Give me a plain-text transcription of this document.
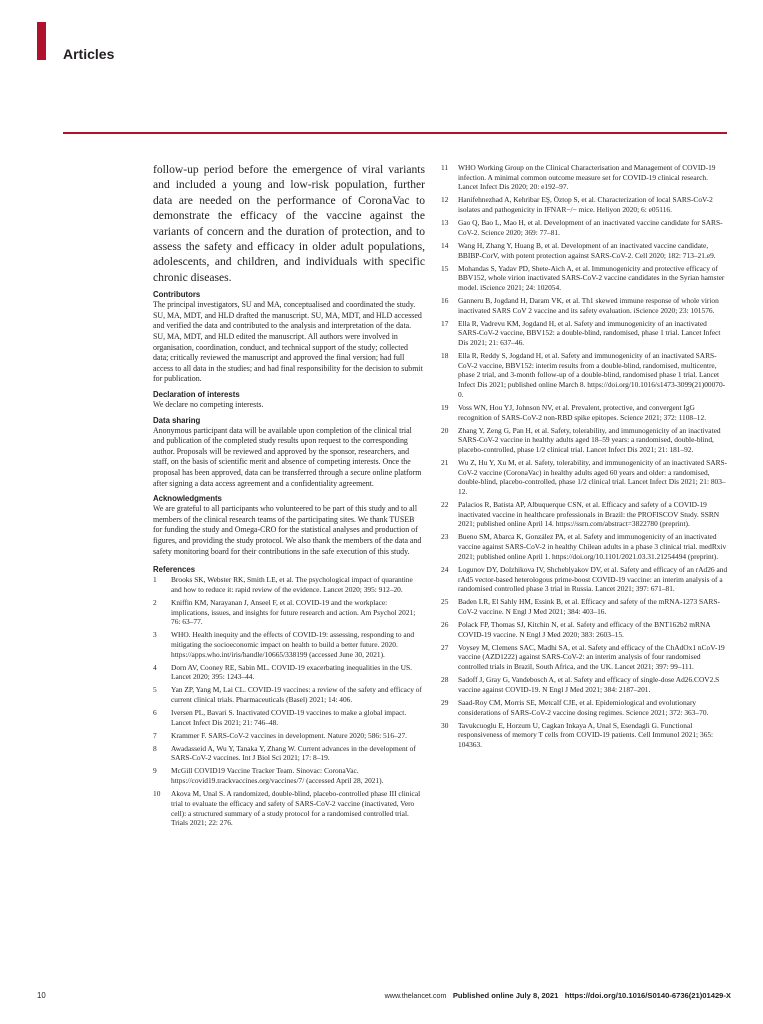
Articles

follow-up period before the emergence of viral variants and included a young and low-risk population, further data are needed on the performance of CoronaVac to demonstrate the efficacy of the vaccine against the variants of concern and the duration of protection, and to assess the safety and efficacy in older adult populations, adolescents, and children, and individuals with specific chronic diseases.

Contributors

The principal investigators, SU and MA, conceptualised and coordinated the study. SU, MA, MDT, and HLD drafted the manuscript. SU, MA, MDT, and HLD accessed and verified the data and contributed to the analysis and interpretation of the data. SU, MA, MDT, and HLD edited the manuscript. All authors were involved in organisation, coordination, conduct, and technical support of the study; collected data; critically reviewed the manuscript and approved the final version; had full access to all data in the studies; and had final responsibility for the decision to submit for publication.

Declaration of interests

We declare no competing interests.

Data sharing

Anonymous participant data will be available upon completion of the clinical trial and publication of the completed study results upon request to the corresponding author. Proposals will be reviewed and approved by the sponsor, researchers, and staff, on the basis of scientific merit and absence of competing interests. Once the proposal has been approved, data can be transferred through a secure online platform after signing a data access agreement and a confidentiality agreement.

Acknowledgments

We are grateful to all participants who volunteered to be part of this study and to all members of the clinical research teams of the participating sites. We thank TUSEB for funding the study and Omega-CRO for the statistical analyses and production of figures, and providing the study protocol. We also thank the members of the data and safety monitoring board for their contributions in the safe execution of this study.

References
1	Brooks SK, Webster RK, Smith LE, et al. The psychological impact of quarantine and how to reduce it: rapid review of the evidence. Lancet 2020; 395: 912–20.
2	Kniffin KM, Narayanan J, Anseel F, et al. COVID-19 and the workplace: implications, issues, and insights for future research and action. Am Psychol 2021; 76: 63–77.
3	WHO. Health inequity and the effects of COVID-19: assessing, responding to and mitigating the socioeconomic impact on health to build a better future. 2020. https://apps.who.int/iris/handle/10665/338199 (accessed June 30, 2021).
4	Dorn AV, Cooney RE, Sabin ML. COVID-19 exacerbating inequalities in the US. Lancet 2020; 395: 1243–44.
5	Yan ZP, Yang M, Lai CL. COVID-19 vaccines: a review of the safety and efficacy of current clinical trials. Pharmaceuticals (Basel) 2021; 14: 406.
6	Iversen PL, Bavari S. Inactivated COVID-19 vaccines to make a global impact. Lancet Infect Dis 2021; 21: 746–48.
7	Krammer F. SARS-CoV-2 vaccines in development. Nature 2020; 586: 516–27.
8	Awadasseid A, Wu Y, Tanaka Y, Zhang W. Current advances in the development of SARS-CoV-2 vaccines. Int J Biol Sci 2021; 17: 8–19.
9	McGill COVID19 Vaccine Tracker Team. Sinovac: CoronaVac. https://covid19.trackvaccines.org/vaccines/7/ (accessed April 28, 2021).
10	Akova M, Unal S. A randomized, double-blind, placebo-controlled phase III clinical trial to evaluate the efficacy and safety of SARS-CoV-2 vaccine (inactivated, Vero cell): a structured summary of a study protocol for a randomised controlled trial. Trials 2021; 22: 276.
11	WHO Working Group on the Clinical Characterisation and Management of COVID-19 infection. A minimal common outcome measure set for COVID-19 clinical research. Lancet Infect Dis 2020; 20: e192–97.
12	Hanifehnezhad A, Kehribar EŞ, Öztop S, et al. Characterization of local SARS-CoV-2 isolates and pathogenicity in IFNAR−/− mice. Heliyon 2020; 6: e05116.
13	Gao Q, Bao L, Mao H, et al. Development of an inactivated vaccine candidate for SARS-CoV-2. Science 2020; 369: 77–81.
14	Wang H, Zhang Y, Huang B, et al. Development of an inactivated vaccine candidate, BBIBP-CorV, with potent protection against SARS-CoV-2. Cell 2020; 182: 713–21.e9.
15	Mohandas S, Yadav PD, Shete-Aich A, et al. Immunogenicity and protective efficacy of BBV152, whole virion inactivated SARS-CoV-2 vaccine candidates in the Syrian hamster model. iScience 2021; 24: 102054.
16	Ganneru B, Jogdand H, Daram VK, et al. Th1 skewed immune response of whole virion inactivated SARS CoV 2 vaccine and its safety evaluation. iScience 2020; 23: 101576.
17	Ella R, Vadrevu KM, Jogdand H, et al. Safety and immunogenicity of an inactivated SARS-CoV-2 vaccine, BBV152: a double-blind, randomised, phase 1 trial. Lancet Infect Dis 2021; 21: 637–46.
18	Ella R, Reddy S, Jogdand H, et al. Safety and immunogenicity of an inactivated SARS-CoV-2 vaccine, BBV152: interim results from a double-blind, randomised, multicentre, phase 2 trial, and 3-month follow-up of a double-blind, randomised phase 1 trial. Lancet Infect Dis 2021; published online March 8. https://doi.org/10.1016/s1473-3099(21)00070-0.
19	Voss WN, Hou YJ, Johnson NV, et al. Prevalent, protective, and convergent IgG recognition of SARS-CoV-2 non-RBD spike epitopes. Science 2021; 372: 1108–12.
20	Zhang Y, Zeng G, Pan H, et al. Safety, tolerability, and immunogenicity of an inactivated SARS-CoV-2 vaccine in healthy adults aged 18–59 years: a randomised, double-blind, placebo-controlled, phase 1/2 clinical trial. Lancet Infect Dis 2021; 21: 181–92.
21	Wu Z, Hu Y, Xu M, et al. Safety, tolerability, and immunogenicity of an inactivated SARS-CoV-2 vaccine (CoronaVac) in healthy adults aged 60 years and older: a randomised, double-blind, placebo-controlled, phase 1/2 clinical trial. Lancet Infect Dis 2021; 21: 803–12.
22	Palacios R, Batista AP, Albuquerque CSN, et al. Efficacy and safety of a COVID-19 inactivated vaccine in healthcare professionals in Brazil: the PROFISCOV Study. SSRN 2021; published online April 14. https://ssrn.com/abstract=3822780 (preprint).
23	Bueno SM, Abarca K, González PA, et al. Safety and immunogenicity of an inactivated vaccine against SARS-CoV-2 in healthy Chilean adults in a phase 3 clinical trial. medRxiv 2021; published online April 1. https://doi.org/10.1101/2021.03.31.21254494 (preprint).
24	Logunov DY, Dolzhikova IV, Shcheblyakov DV, et al. Safety and efficacy of an rAd26 and rAd5 vector-based heterologous prime-boost COVID-19 vaccine: an interim analysis of a randomised controlled phase 3 trial in Russia. Lancet 2021; 397: 671–81.
25	Baden LR, El Sahly HM, Essink B, et al. Efficacy and safety of the mRNA-1273 SARS-CoV-2 vaccine. N Engl J Med 2021; 384: 403–16.
26	Polack FP, Thomas SJ, Kitchin N, et al. Safety and efficacy of the BNT162b2 mRNA COVID-19 vaccine. N Engl J Med 2020; 383: 2603–15.
27	Voysey M, Clemens SAC, Madhi SA, et al. Safety and efficacy of the ChAdOx1 nCoV-19 vaccine (AZD1222) against SARS-CoV-2: an interim analysis of four randomised controlled trials in Brazil, South Africa, and the UK. Lancet 2021; 397: 99–111.
28	Sadoff J, Gray G, Vandebosch A, et al. Safety and efficacy of single-dose Ad26.COV2.S vaccine against COVID-19. N Engl J Med 2021; 384: 2187–201.
29	Saad-Roy CM, Morris SE, Metcalf CJE, et al. Epidemiological and evolutionary considerations of SARS-CoV-2 vaccine dosing regimes. Science 2021; 372: 363–70.
30	Tavukcuoglu E, Horzum U, Cagkan Inkaya A, Unal S, Esendagli G. Functional responsiveness of memory T cells from COVID-19 patients. Cell Immunol 2021; 365: 104363.
10	www.thelancet.com Published online July 8, 2021 https://doi.org/10.1016/S0140-6736(21)01429-X
